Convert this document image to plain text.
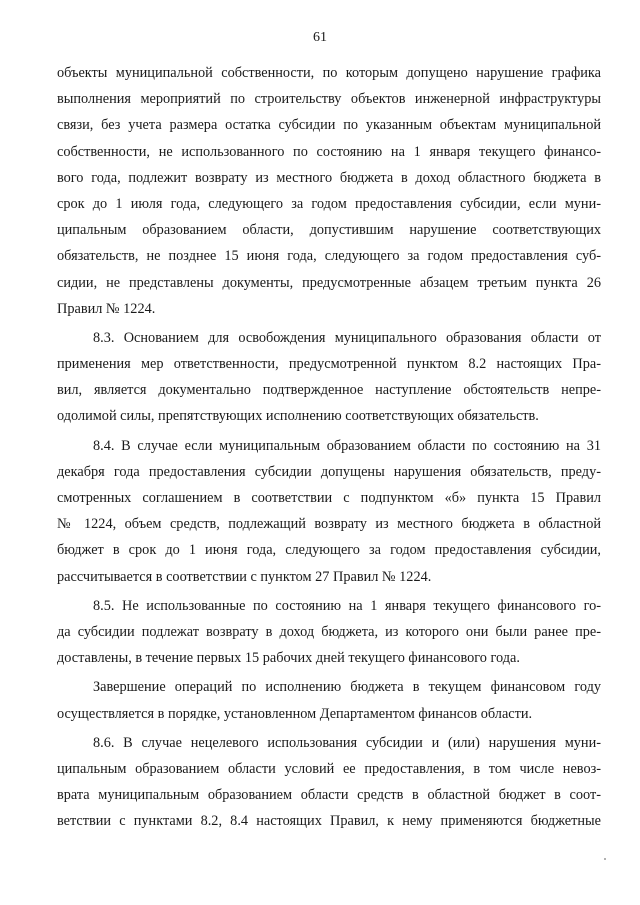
61
объекты муниципальной собственности, по которым допущено нарушение графика
выполнения мероприятий по строительству объектов инженерной инфраструктуры
связи, без учета размера остатка субсидии по указанным объектам муниципальной
собственности, не использованного по состоянию на 1 января текущего финансо-
вого года, подлежит возврату из местного бюджета в доход областного бюджета в
срок до 1 июля года, следующего за годом предоставления субсидии, если муни-
ципальным образованием области, допустившим нарушение соответствующих
обязательств, не позднее 15 июня года, следующего за годом предоставления суб-
сидии, не представлены документы, предусмотренные абзацем третьим пункта 26
Правил № 1224.
8.3. Основанием для освобождения муниципального образования области от
применения мер ответственности, предусмотренной пунктом 8.2 настоящих Пра-
вил, является документально подтвержденное наступление обстоятельств непре-
одолимой силы, препятствующих исполнению соответствующих обязательств.
8.4. В случае если муниципальным образованием области по состоянию на 31
декабря года предоставления субсидии допущены нарушения обязательств, преду-
смотренных соглашением в соответствии с подпунктом «б» пункта 15 Правил
№ 1224, объем средств, подлежащий возврату из местного бюджета в областной
бюджет в срок до 1 июня года, следующего за годом предоставления субсидии,
рассчитывается в соответствии с пунктом 27 Правил № 1224.
8.5. Не использованные по состоянию на 1 января текущего финансового го-
да субсидии подлежат возврату в доход бюджета, из которого они были ранее пре-
доставлены, в течение первых 15 рабочих дней текущего финансового года.
Завершение операций по исполнению бюджета в текущем финансовом году
осуществляется в порядке, установленном Департаментом финансов области.
8.6. В случае нецелевого использования субсидии и (или) нарушения муни-
ципальным образованием области условий ее предоставления, в том числе невоз-
врата муниципальным образованием области средств в областной бюджет в соот-
ветствии с пунктами 8.2, 8.4 настоящих Правил, к нему применяются бюджетные
